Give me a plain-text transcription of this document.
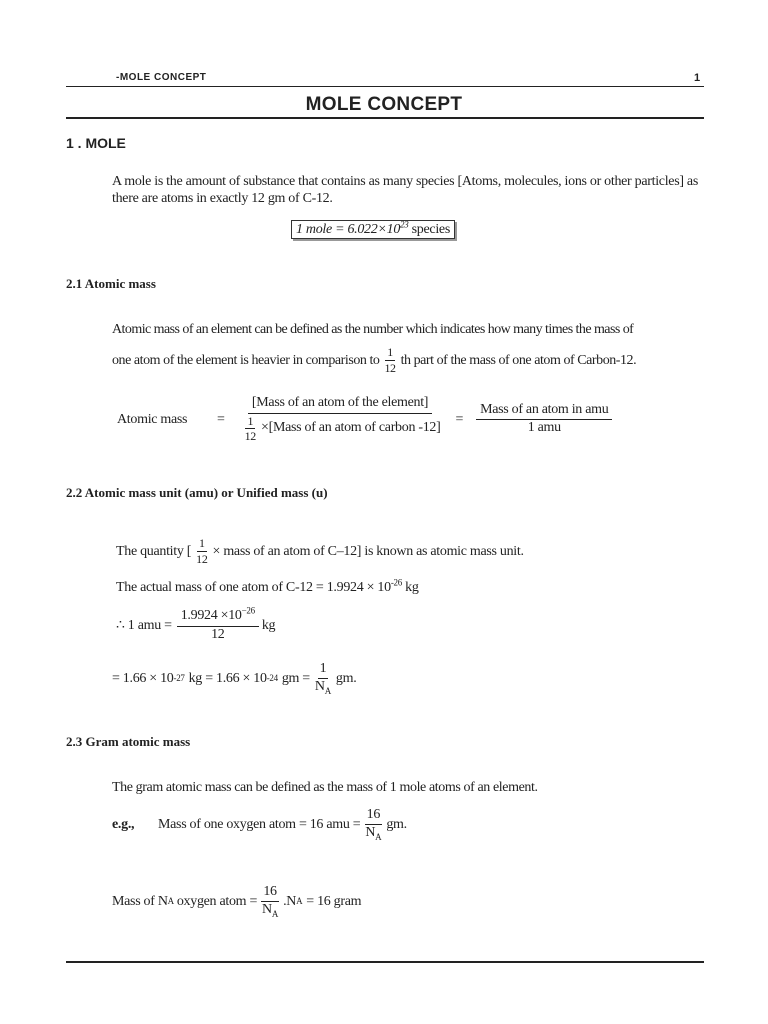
-MOLE CONCEPT	1
MOLE CONCEPT
1 . MOLE
A mole is the amount of substance that contains as many species [Atoms, molecules, ions or other particles] as there are atoms in exactly 12 gm of C-12.
1 mole = $6.022\times 10^{23}$ species
2.1 Atomic mass
Atomic mass of an element can be defined as the number which indicates how many times the mass of
one atom of the element is heavier in comparison to $\frac{1}{12}$ th part of the mass of one atom of Carbon-12.
Atomic mass	= $\frac{\text{[Mass of an atom of the element]}}{\frac{1}{12} \times[Mass of an atom of carbon -12]} = \frac{\text{Mass of an atom in amu}}{\text{1 amu}}$
2.2 Atomic mass unit (amu) or Unified mass (u)
The quantity [ $\frac{1}{12}$ × mass of an atom of C–12] is known as atomic mass unit.
The actual mass of one atom of $C-12 = 1.9924 \times 10^{-26}$ kg
∴ 1 amu = $\frac{1.9924 \times 10^{-26}}{12}$ kg
= 1.66 × 10 -27 kg = 1.66 × 10 -24 gm = $\frac{1}{N_A}$ gm.
2.3 Gram atomic mass
The gram atomic mass can be defined as the mass of 1 mole atoms of an element.
e.g.,	Mass of one oxygen atom = 16 amu = $\frac{16}{N_A}$ gm.
Mass of N A oxygen atom = $\frac{16}{N_A} .N$ A = 16 gram
